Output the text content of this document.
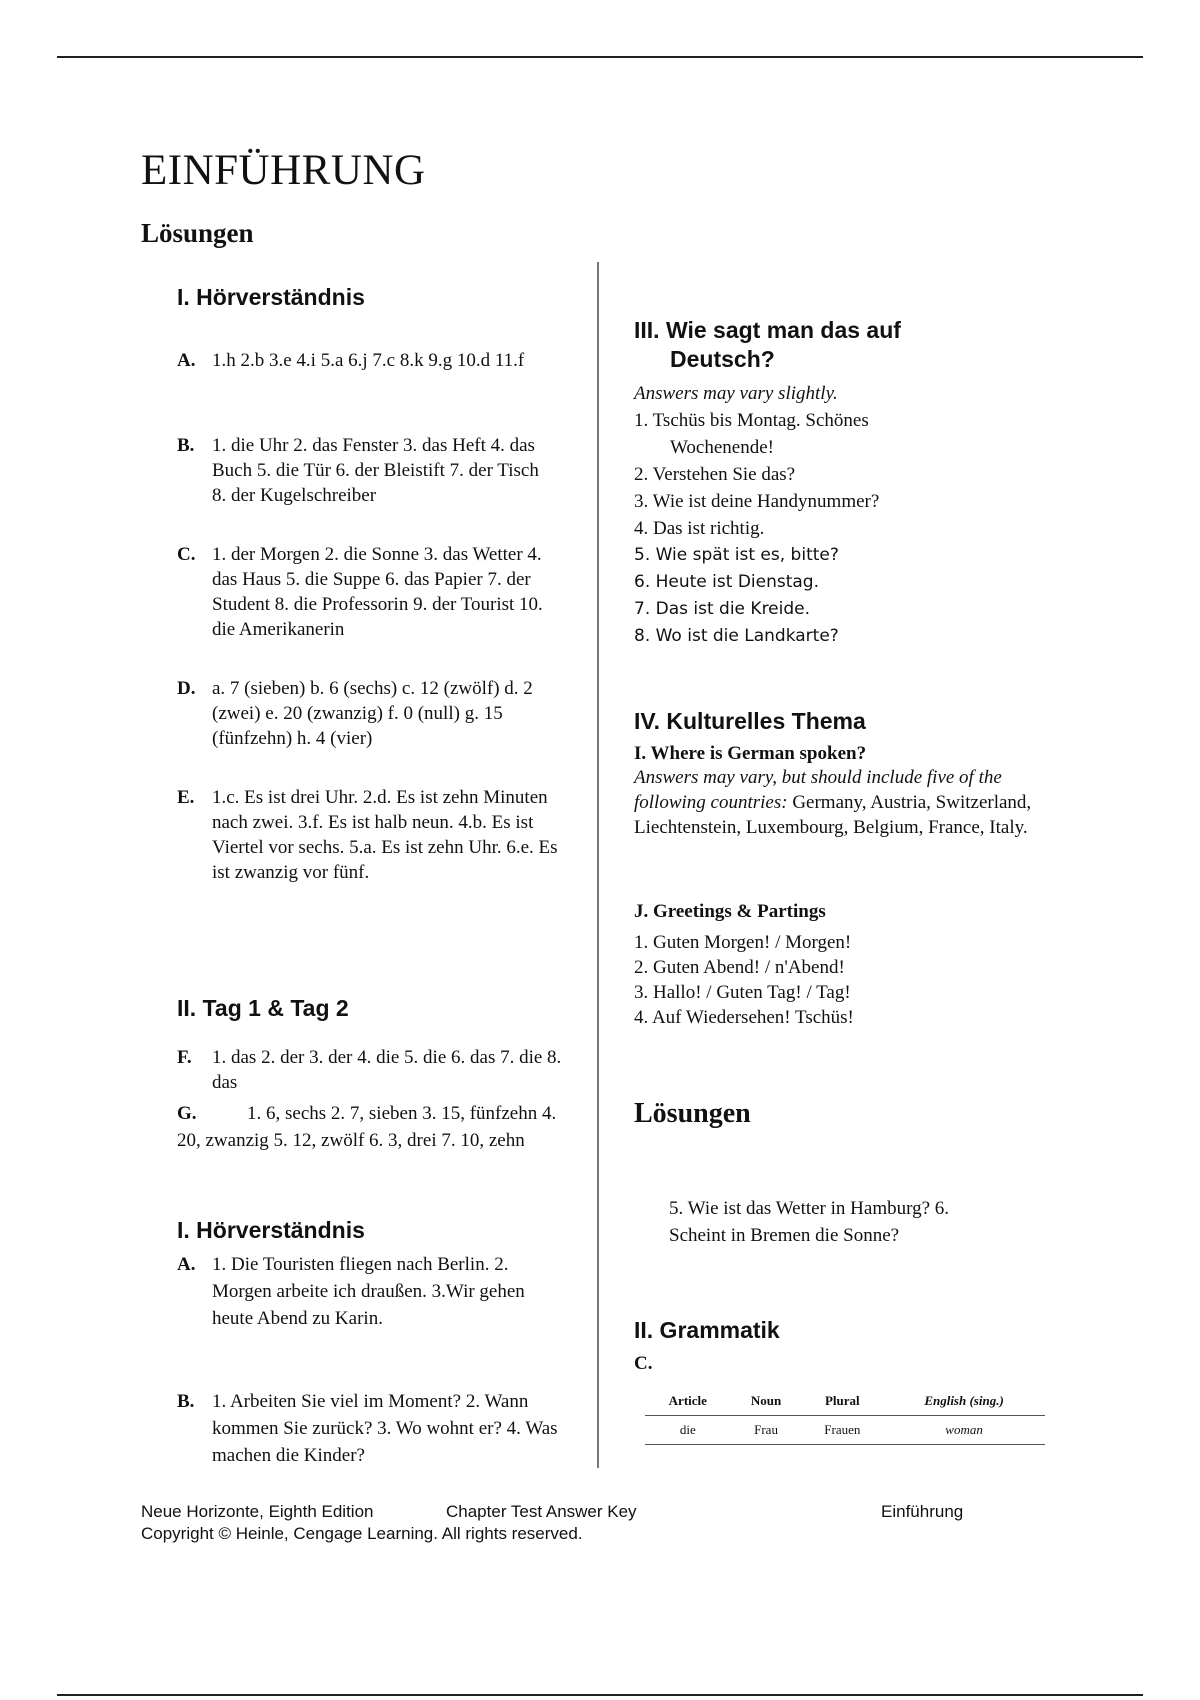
EINFÜHRUNG
Lösungen
I. Hörverständnis
A. 1.h 2.b 3.e 4.i 5.a 6.j 7.c 8.k 9.g 10.d 11.f
B. 1. die Uhr 2. das Fenster 3. das Heft 4. das Buch 5. die Tür 6. der Bleistift 7. der Tisch 8. der Kugelschreiber
C. 1. der Morgen 2. die Sonne 3. das Wetter 4. das Haus 5. die Suppe 6. das Papier 7. der Student 8. die Professorin 9. der Tourist 10. die Amerikanerin
D. a. 7 (sieben) b. 6 (sechs) c. 12 (zwölf) d. 2 (zwei) e. 20 (zwanzig) f. 0 (null) g. 15 (fünfzehn) h. 4 (vier)
E. 1.c. Es ist drei Uhr. 2.d. Es ist zehn Minuten nach zwei. 3.f. Es ist halb neun. 4.b. Es ist Viertel vor sechs. 5.a. Es ist zehn Uhr. 6.e. Es ist zwanzig vor fünf.
II. Tag 1 & Tag 2
F.	1. das 2. der 3. der 4. die 5. die 6. das 7. die 8. das
G.	1. 6, sechs 2. 7, sieben 3. 15, fünfzehn 4. 20, zwanzig 5. 12, zwölf 6. 3, drei 7. 10, zehn
I. Hörverständnis
A. 1. Die Touristen fliegen nach Berlin. 2. Morgen arbeite ich draußen. 3.Wir gehen heute Abend zu Karin.
B. 1. Arbeiten Sie viel im Moment? 2. Wann kommen Sie zurück? 3. Wo wohnt er? 4. Was machen die Kinder?
III. Wie sagt man das auf
Deutsch?
Answers may vary slightly.
1. Tschüs bis Montag. Schönes
Wochenende!
2. Verstehen Sie das?
3. Wie ist deine Handynummer?
4. Das ist richtig.
5. Wie spät ist es, bitte?
6. Heute ist Dienstag.
7. Das ist die Kreide.
8. Wo ist die Landkarte?
IV. Kulturelles Thema
I. Where is German spoken?
Answers may vary, but should include five of the following countries: Germany, Austria, Switzerland, Liechtenstein, Luxembourg, Belgium, France, Italy.
J. Greetings & Partings
1. Guten Morgen! / Morgen!
2. Guten Abend! / n'Abend!
3. Hallo! / Guten Tag! / Tag!
4. Auf Wiedersehen! Tschüs!
Lösungen
5. Wie ist das Wetter in Hamburg? 6. Scheint in Bremen die Sonne?
II. Grammatik
C.
Article	Noun	Plural	English (sing.)
die	Frau	Frauen	woman
Neue Horizonte, Eighth Edition	Chapter Test Answer Key	Einführung
Copyright © Heinle, Cengage Learning. All rights reserved.
